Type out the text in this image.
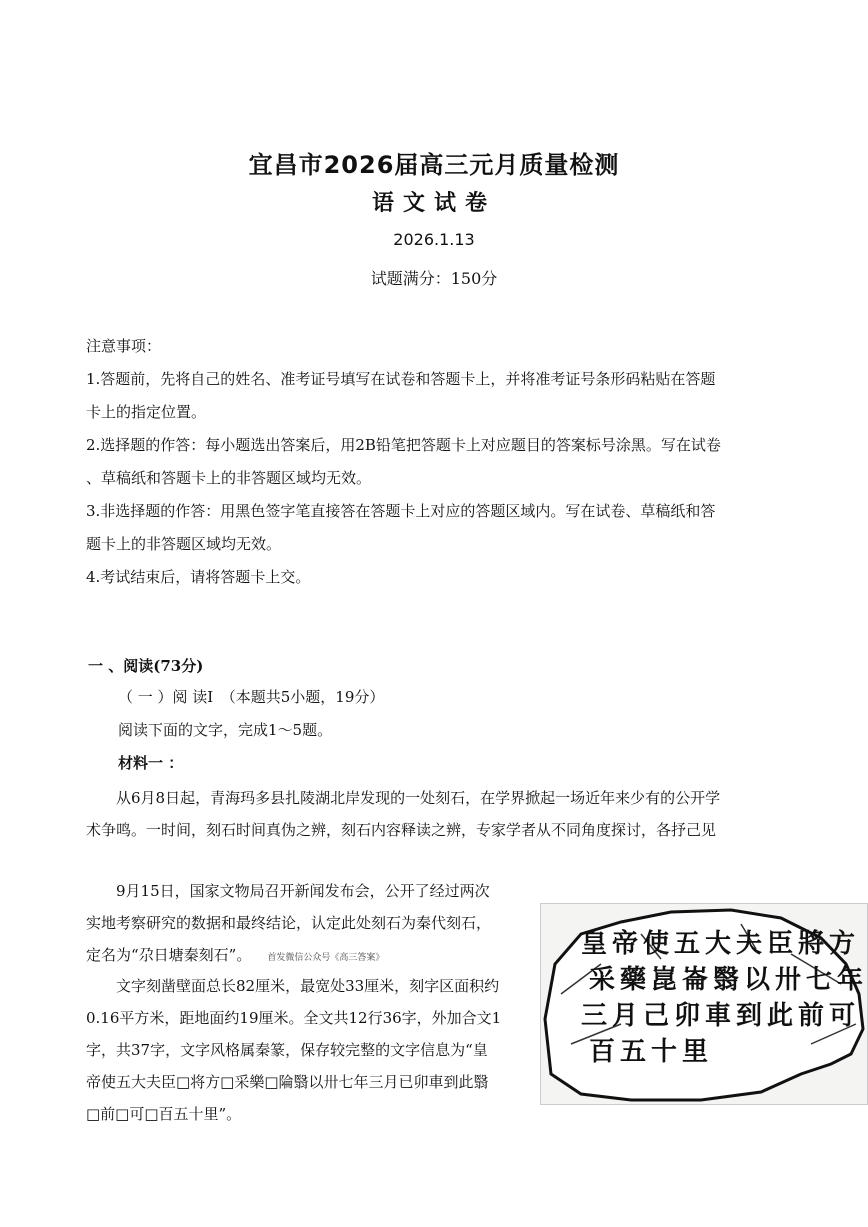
宜昌市2026届高三元月质量检测
语文试卷
2026.1.13
试题满分：150分
注意事项：
1.答题前，先将自己的姓名、准考证号填写在试卷和答题卡上，并将准考证号条形码粘贴在答题
卡上的指定位置。
2.选择题的作答：每小题选出答案后，用2B铅笔把答题卡上对应题目的答案标号涂黑。写在试卷
、草稿纸和答题卡上的非答题区域均无效。
3.非选择题的作答：用黑色签字笔直接答在答题卡上对应的答题区域内。写在试卷、草稿纸和答
题卡上的非答题区域均无效。
4.考试结束后，请将答题卡上交。
一 、阅读(73分)
（ 一 ）阅 读Ⅰ　（本题共5小题，19分）
阅读下面的文字，完成1～5题。
材料一 ：
从6月8日起，青海玛多县扎陵湖北岸发现的一处刻石，在学界掀起一场近年来少有的公开学
术争鸣。一时间，刻石时间真伪之辨，刻石内容释读之辨，专家学者从不同角度探讨，各抒己见
9月15日，国家文物局召开新闻发布会，公开了经过两次
实地考察研究的数据和最终结论，认定此处刻石为秦代刻石，
定名为“尕日塘秦刻石”。 首发微信公众号《高三答案》
文字刻凿壁面总长82厘米，最宽处33厘米，刻字区面积约
0.16平方米，距地面约19厘米。全文共12行36字，外加合文1
字，共37字，文字风格属秦篆，保存较完整的文字信息为“皇
帝使五大夫臣□将方□采樂□陯翳以卅七年三月已卯車到此翳
□前□可□百五十里”。
皇 帝 使 五 大 夫 臣 將 方
采 藥 崑 崙 翳 以 卅 七 年
三 月 己 卯 車 到 此 前 可
百 五 十 里
